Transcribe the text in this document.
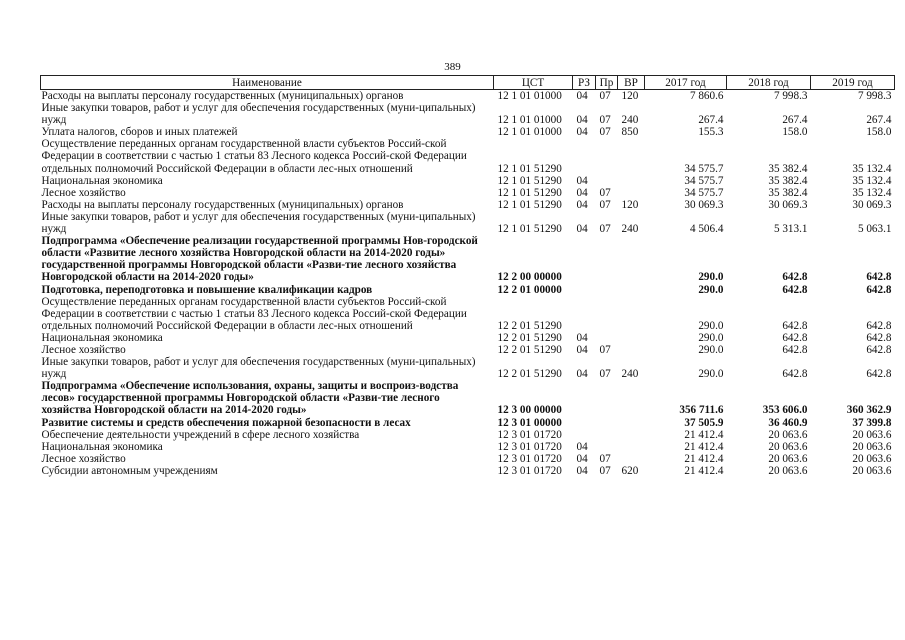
389
Наименование	ЦСТ	РЗ	Пр	ВР	2017 год	2018 год	2019 год
Расходы на выплаты персоналу государственных (муниципальных) органов	12 1 01 01000	04	07	120	7 860.6	7 998.3	7 998.3
Иные закупки товаров, работ и услуг для обеспечения государственных (муни-ципальных) нужд	12 1 01 01000	04	07	240	267.4	267.4	267.4
Уплата налогов, сборов и иных платежей	12 1 01 01000	04	07	850	155.3	158.0	158.0
Осуществление переданных органам государственной власти субъектов Россий-ской Федерации в соответствии с частью 1 статьи 83 Лесного кодекса Россий-ской Федерации отдельных полномочий Российской Федерации в области лес-ных отношений	12 1 01 51290				34 575.7	35 382.4	35 132.4
Национальная экономика	12 1 01 51290	04			34 575.7	35 382.4	35 132.4
Лесное хозяйство	12 1 01 51290	04	07		34 575.7	35 382.4	35 132.4
Расходы на выплаты персоналу государственных (муниципальных) органов	12 1 01 51290	04	07	120	30 069.3	30 069.3	30 069.3
Иные закупки товаров, работ и услуг для обеспечения государственных (муни-ципальных) нужд	12 1 01 51290	04	07	240	4 506.4	5 313.1	5 063.1
Подпрограмма «Обеспечение реализации государственной программы Нов-городской области «Развитие лесного хозяйства Новгородской области на 2014-2020 годы» государственной программы Новгородской области «Разви-тие лесного хозяйства Новгородской области на 2014-2020 годы»	12 2 00 00000				290.0	642.8	642.8
Подготовка, переподготовка и повышение квалификации кадров	12 2 01 00000				290.0	642.8	642.8
Осуществление переданных органам государственной власти субъектов Россий-ской Федерации в соответствии с частью 1 статьи 83 Лесного кодекса Россий-ской Федерации отдельных полномочий Российской Федерации в области лес-ных отношений	12 2 01 51290				290.0	642.8	642.8
Национальная экономика	12 2 01 51290	04			290.0	642.8	642.8
Лесное хозяйство	12 2 01 51290	04	07		290.0	642.8	642.8
Иные закупки товаров, работ и услуг для обеспечения государственных (муни-ципальных) нужд	12 2 01 51290	04	07	240	290.0	642.8	642.8
Подпрограмма «Обеспечение использования, охраны, защиты и воспроиз-водства лесов» государственной программы Новгородской области «Разви-тие лесного хозяйства Новгородской области на 2014-2020 годы»	12 3 00 00000				356 711.6	353 606.0	360 362.9
Развитие системы и средств обеспечения пожарной безопасности в лесах	12 3 01 00000				37 505.9	36 460.9	37 399.8
Обеспечение деятельности учреждений в сфере лесного хозяйства	12 3 01 01720				21 412.4	20 063.6	20 063.6
Национальная экономика	12 3 01 01720	04			21 412.4	20 063.6	20 063.6
Лесное хозяйство	12 3 01 01720	04	07		21 412.4	20 063.6	20 063.6
Субсидии автономным учреждениям	12 3 01 01720	04	07	620	21 412.4	20 063.6	20 063.6
